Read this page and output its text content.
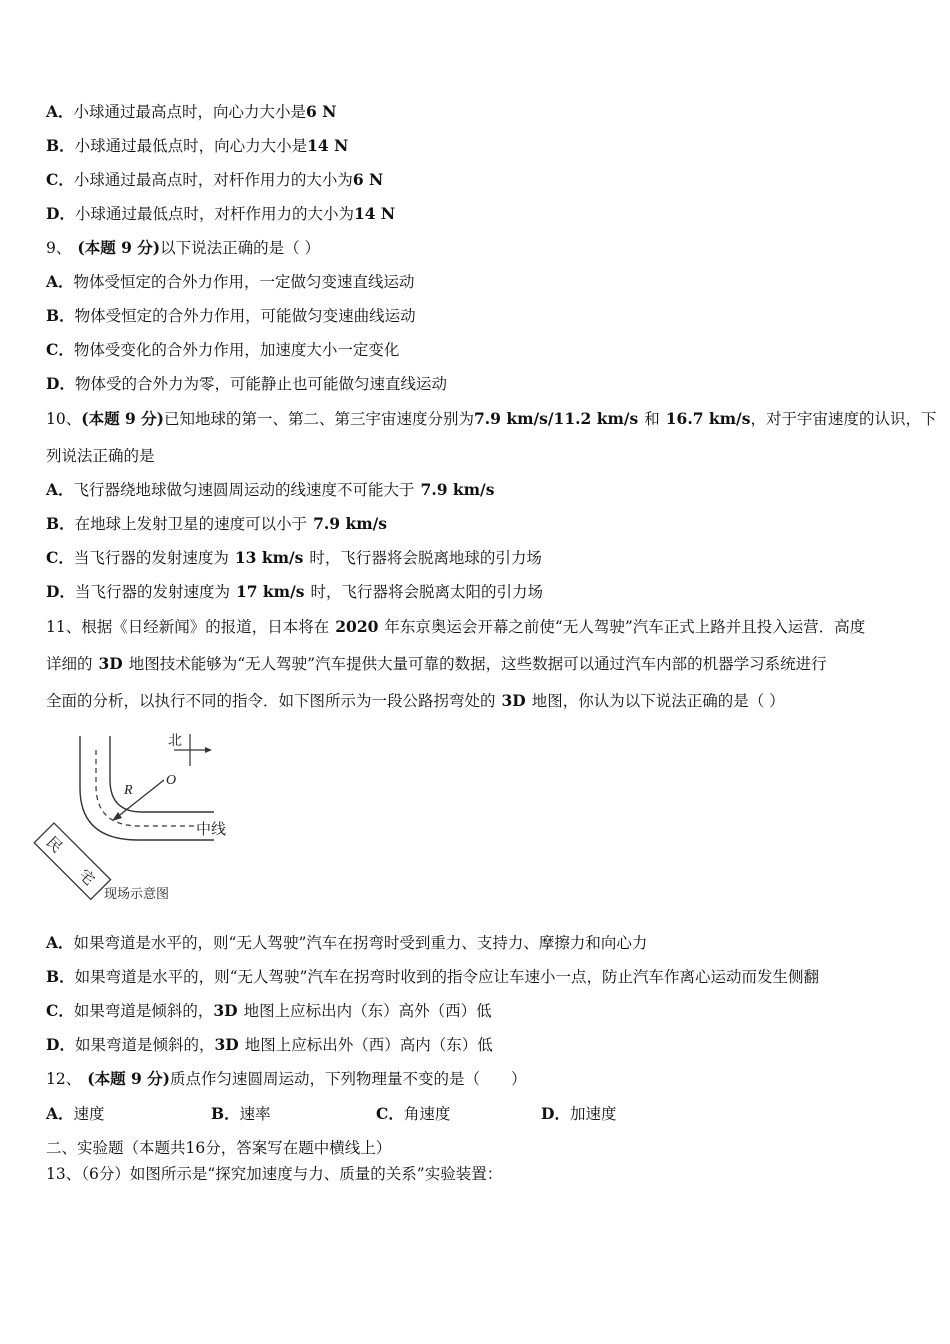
A．小球通过最高点时，向心力大小是6 N
B．小球通过最低点时，向心力大小是14 N
C．小球通过最高点时，对杆作用力的大小为6 N
D．小球通过最低点时，对杆作用力的大小为14 N
9、 (本题 9 分)以下说法正确的是（ ）
A．物体受恒定的合外力作用，一定做匀变速直线运动
B．物体受恒定的合外力作用，可能做匀变速曲线运动
C．物体受变化的合外力作用，加速度大小一定变化
D．物体受的合外力为零，可能静止也可能做匀速直线运动
10、(本题 9 分)已知地球的第一、第二、第三宇宙速度分别为7.9 km/s/11.2 km/s 和 16.7 km/s，对于宇宙速度的认识，下
列说法正确的是
A．飞行器绕地球做匀速圆周运动的线速度不可能大于 7.9 km/s
B．在地球上发射卫星的速度可以小于 7.9 km/s
C．当飞行器的发射速度为 13 km/s 时，飞行器将会脱离地球的引力场
D．当飞行器的发射速度为 17 km/s 时，飞行器将会脱离太阳的引力场
11、根据《日经新闻》的报道，日本将在 2020 年东京奥运会开幕之前使“无人驾驶”汽车正式上路并且投入运营．高度
详细的 3D 地图技术能够为“无人驾驶”汽车提供大量可靠的数据，这些数据可以通过汽车内部的机器学习系统进行
全面的分析，以执行不同的指令．如下图所示为一段公路拐弯处的 3D 地图，你认为以下说法正确的是（ ）
北
O
R
中线
民
宅
现场示意图
A．如果弯道是水平的，则“无人驾驶”汽车在拐弯时受到重力、支持力、摩擦力和向心力
B．如果弯道是水平的，则“无人驾驶”汽车在拐弯时收到的指令应让车速小一点，防止汽车作离心运动而发生侧翻
C．如果弯道是倾斜的，3D 地图上应标出内（东）高外（西）低
D．如果弯道是倾斜的，3D 地图上应标出外（西）高内（东）低
12、 (本题 9 分)质点作匀速圆周运动，下列物理量不变的是（　　）
A．速度	B．速率	C．角速度	D．加速度
二、实验题（本题共16分，答案写在题中横线上）
13、（6分）如图所示是“探究加速度与力、质量的关系”实验装置：
